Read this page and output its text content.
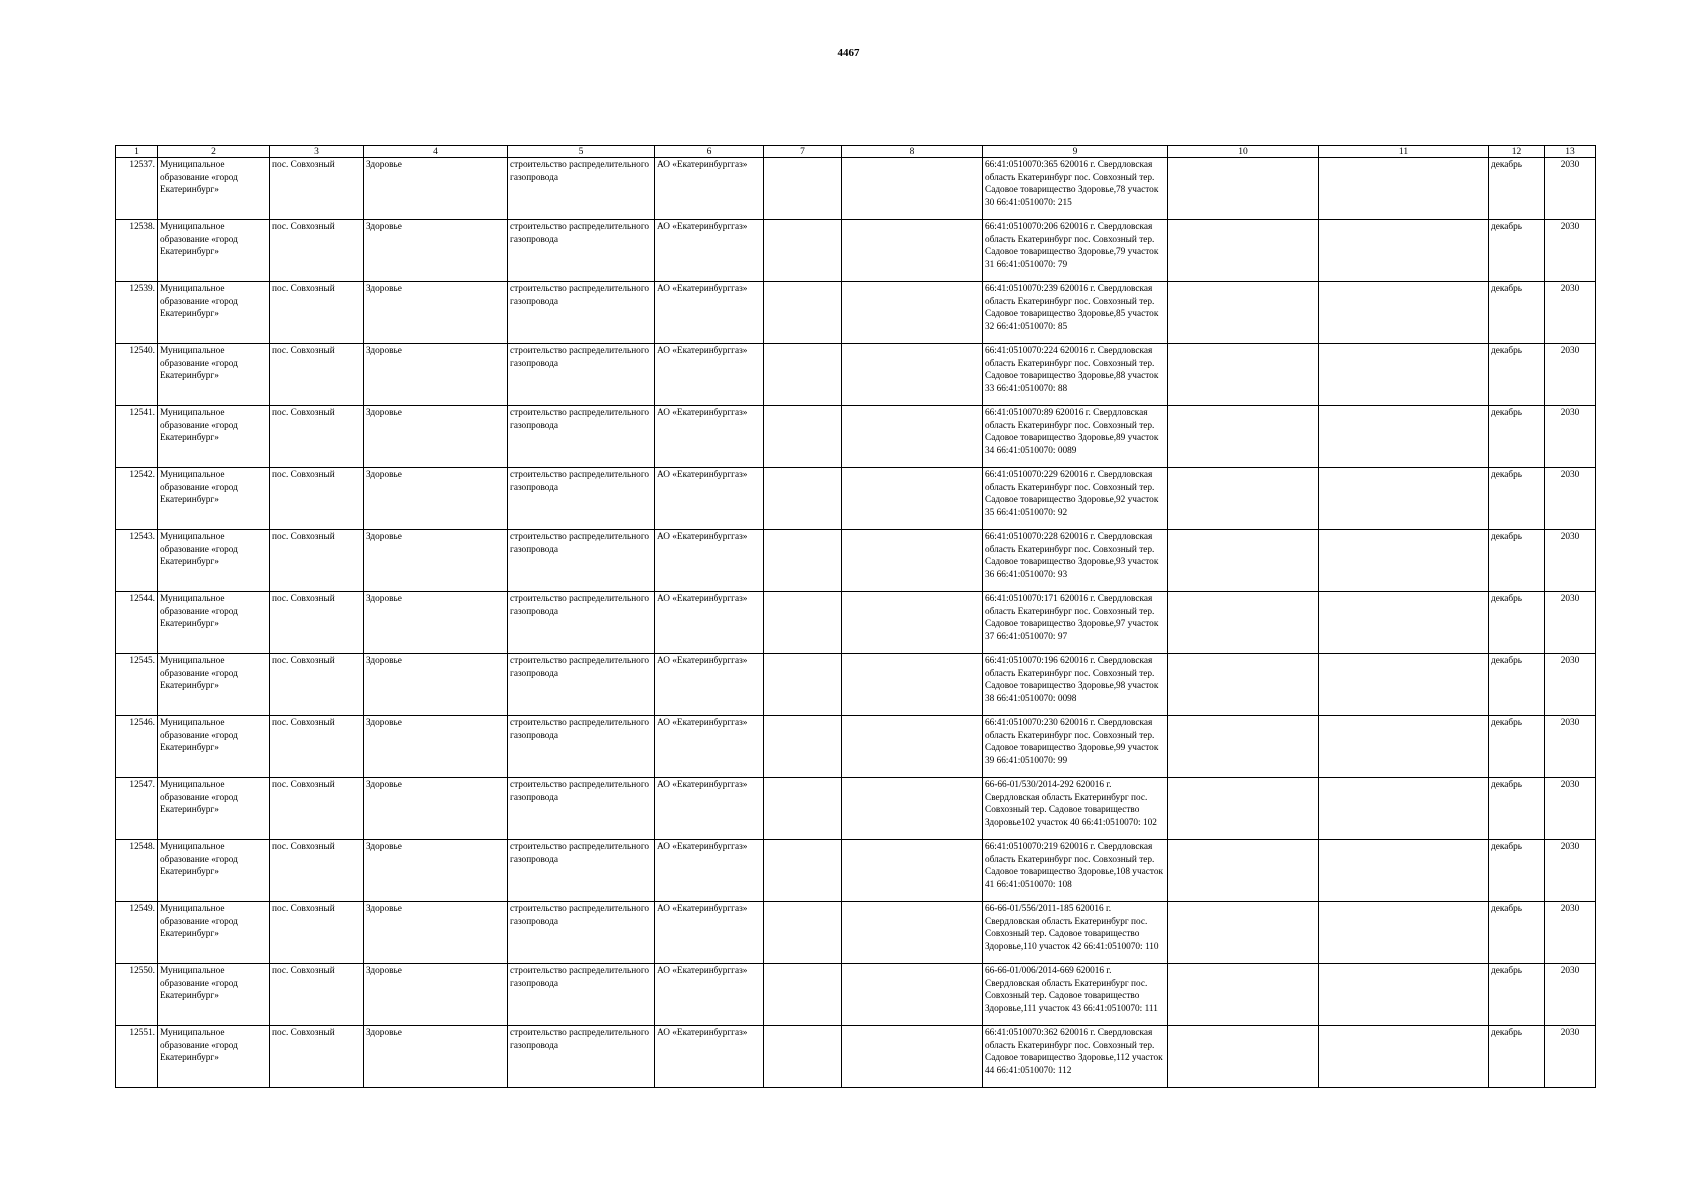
4467
1	2	3	4	5	6	7	8	9	10	11	12	13
12537.	Муниципальное образование «город Екатеринбург»	пос. Совхозный	Здоровье	строительство распределительного газопровода	АО «Екатеринбурггаз»			66:41:0510070:365 620016 г. Свердловская область Екатеринбург пос. Совхозный тер. Садовое товарищество Здоровье,78 участок 30 66:41:0510070: 215			декабрь	2030
12538.	Муниципальное образование «город Екатеринбург»	пос. Совхозный	Здоровье	строительство распределительного газопровода	АО «Екатеринбурггаз»			66:41:0510070:206 620016 г. Свердловская область Екатеринбург пос. Совхозный тер. Садовое товарищество Здоровье,79 участок 31 66:41:0510070: 79			декабрь	2030
12539.	Муниципальное образование «город Екатеринбург»	пос. Совхозный	Здоровье	строительство распределительного газопровода	АО «Екатеринбурггаз»			66:41:0510070:239 620016 г. Свердловская область Екатеринбург пос. Совхозный тер. Садовое товарищество Здоровье,85 участок 32 66:41:0510070: 85			декабрь	2030
12540.	Муниципальное образование «город Екатеринбург»	пос. Совхозный	Здоровье	строительство распределительного газопровода	АО «Екатеринбурггаз»			66:41:0510070:224 620016 г. Свердловская область Екатеринбург пос. Совхозный тер. Садовое товарищество Здоровье,88 участок 33 66:41:0510070: 88			декабрь	2030
12541.	Муниципальное образование «город Екатеринбург»	пос. Совхозный	Здоровье	строительство распределительного газопровода	АО «Екатеринбурггаз»			66:41:0510070:89 620016 г. Свердловская область Екатеринбург пос. Совхозный тер. Садовое товарищество Здоровье,89 участок 34 66:41:0510070: 0089			декабрь	2030
12542.	Муниципальное образование «город Екатеринбург»	пос. Совхозный	Здоровье	строительство распределительного газопровода	АО «Екатеринбурггаз»			66:41:0510070:229 620016 г. Свердловская область Екатеринбург пос. Совхозный тер. Садовое товарищество Здоровье,92 участок 35 66:41:0510070: 92			декабрь	2030
12543.	Муниципальное образование «город Екатеринбург»	пос. Совхозный	Здоровье	строительство распределительного газопровода	АО «Екатеринбурггаз»			66:41:0510070:228 620016 г. Свердловская область Екатеринбург пос. Совхозный тер. Садовое товарищество Здоровье,93 участок 36 66:41:0510070: 93			декабрь	2030
12544.	Муниципальное образование «город Екатеринбург»	пос. Совхозный	Здоровье	строительство распределительного газопровода	АО «Екатеринбурггаз»			66:41:0510070:171 620016 г. Свердловская область Екатеринбург пос. Совхозный тер. Садовое товарищество Здоровье,97 участок 37 66:41:0510070: 97			декабрь	2030
12545.	Муниципальное образование «город Екатеринбург»	пос. Совхозный	Здоровье	строительство распределительного газопровода	АО «Екатеринбурггаз»			66:41:0510070:196 620016 г. Свердловская область Екатеринбург пос. Совхозный тер. Садовое товарищество Здоровье,98 участок 38 66:41:0510070: 0098			декабрь	2030
12546.	Муниципальное образование «город Екатеринбург»	пос. Совхозный	Здоровье	строительство распределительного газопровода	АО «Екатеринбурггаз»			66:41:0510070:230 620016 г. Свердловская область Екатеринбург пос. Совхозный тер. Садовое товарищество Здоровье,99 участок 39 66:41:0510070: 99			декабрь	2030
12547.	Муниципальное образование «город Екатеринбург»	пос. Совхозный	Здоровье	строительство распределительного газопровода	АО «Екатеринбурггаз»			66-66-01/530/2014-292 620016 г. Свердловская область Екатеринбург пос. Совхозный тер. Садовое товарищество Здоровье102 участок 40 66:41:0510070: 102			декабрь	2030
12548.	Муниципальное образование «город Екатеринбург»	пос. Совхозный	Здоровье	строительство распределительного газопровода	АО «Екатеринбурггаз»			66:41:0510070:219 620016 г. Свердловская область Екатеринбург пос. Совхозный тер. Садовое товарищество Здоровье,108 участок 41 66:41:0510070: 108			декабрь	2030
12549.	Муниципальное образование «город Екатеринбург»	пос. Совхозный	Здоровье	строительство распределительного газопровода	АО «Екатеринбурггаз»			66-66-01/556/2011-185 620016 г. Свердловская область Екатеринбург пос. Совхозный тер. Садовое товарищество Здоровье,110 участок 42 66:41:0510070: 110			декабрь	2030
12550.	Муниципальное образование «город Екатеринбург»	пос. Совхозный	Здоровье	строительство распределительного газопровода	АО «Екатеринбурггаз»			66-66-01/006/2014-669 620016 г. Свердловская область Екатеринбург пос. Совхозный тер. Садовое товарищество Здоровье,111 участок 43 66:41:0510070: 111			декабрь	2030
12551.	Муниципальное образование «город Екатеринбург»	пос. Совхозный	Здоровье	строительство распределительного газопровода	АО «Екатеринбурггаз»			66:41:0510070:362 620016 г. Свердловская область Екатеринбург пос. Совхозный тер. Садовое товарищество Здоровье,112 участок 44 66:41:0510070: 112			декабрь	2030
